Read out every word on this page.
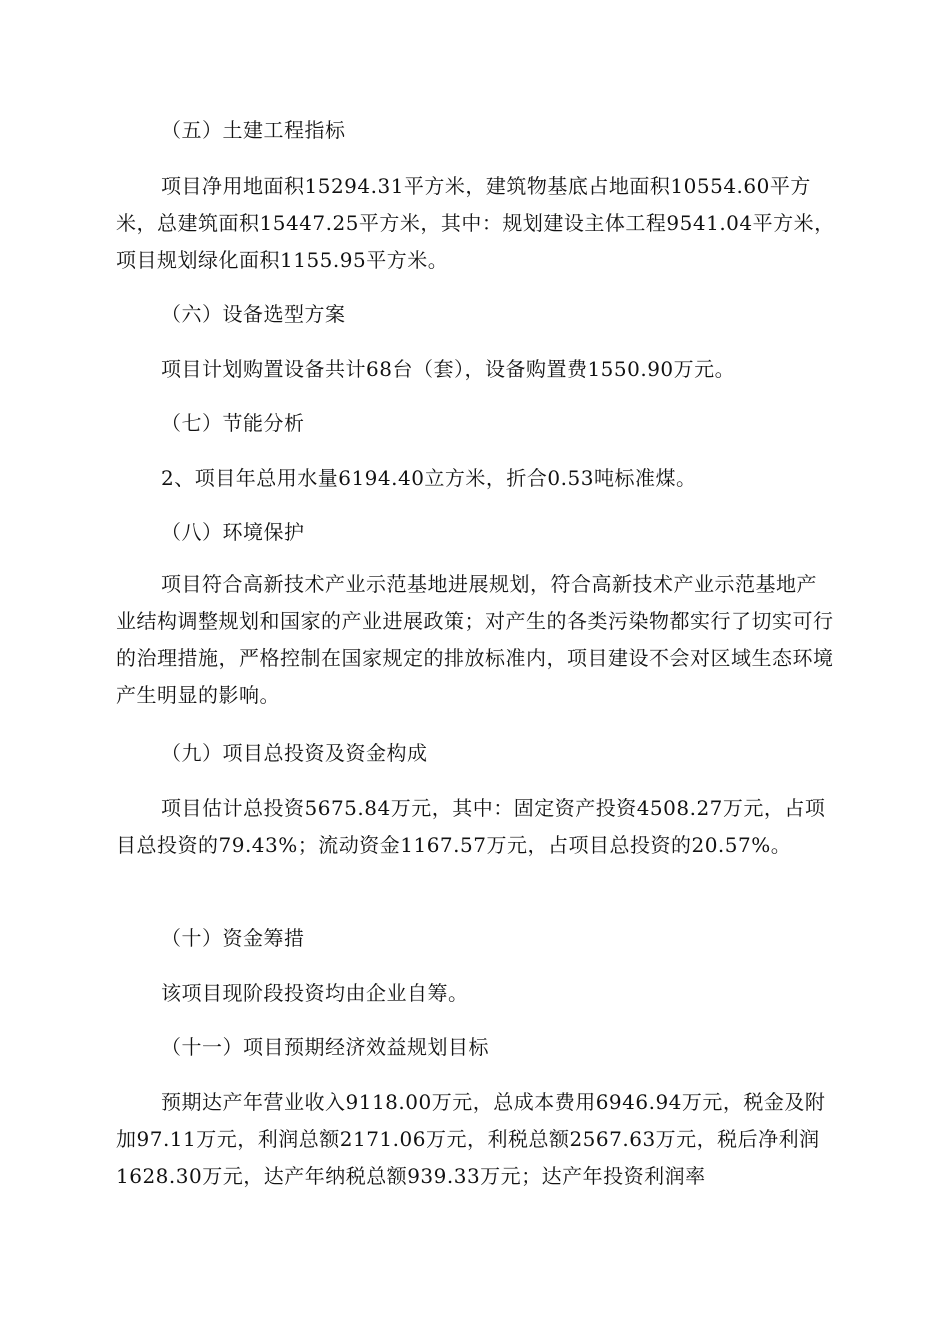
（五）土建工程指标

项目净用地面积15294.31平方米，建筑物基底占地面积10554.60平方米，总建筑面积15447.25平方米，其中：规划建设主体工程9541.04平方米，项目规划绿化面积1155.95平方米。

（六）设备选型方案

项目计划购置设备共计68台（套），设备购置费1550.90万元。

（七）节能分析

2、项目年总用水量6194.40立方米，折合0.53吨标准煤。

（八）环境保护

项目符合高新技术产业示范基地进展规划，符合高新技术产业示范基地产业结构调整规划和国家的产业进展政策；对产生的各类污染物都实行了切实可行的治理措施，严格控制在国家规定的排放标准内，项目建设不会对区域生态环境产生明显的影响。

（九）项目总投资及资金构成

项目估计总投资5675.84万元，其中：固定资产投资4508.27万元，占项目总投资的79.43%；流动资金1167.57万元，占项目总投资的20.57%。

（十）资金筹措

该项目现阶段投资均由企业自筹。

（十一）项目预期经济效益规划目标

预期达产年营业收入9118.00万元，总成本费用6946.94万元，税金及附加97.11万元，利润总额2171.06万元，利税总额2567.63万元，税后净利润1628.30万元，达产年纳税总额939.33万元；达产年投资利润率
